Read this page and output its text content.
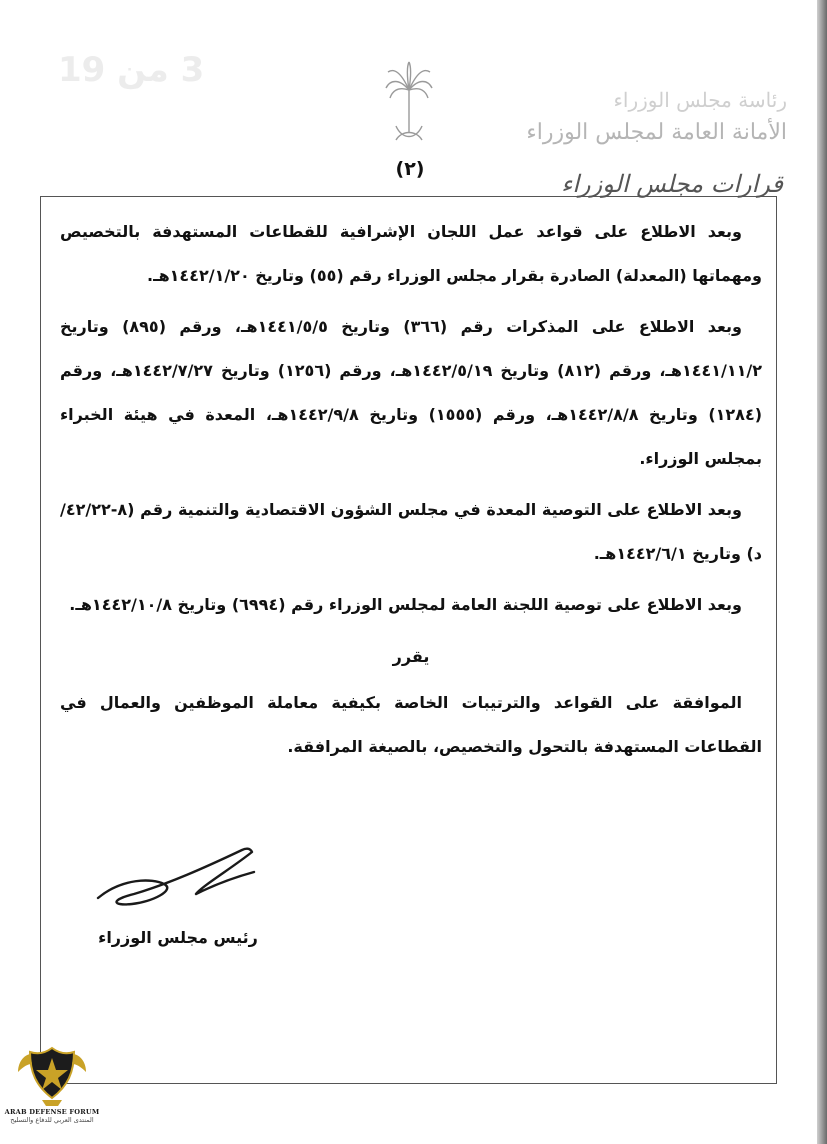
3 من 19
رئاسة مجلس الوزراء
الأمانة العامة لمجلس الوزراء
قرارات مجلس الوزراء
(٢)

وبعد الاطلاع على قواعد عمل اللجان الإشرافية للقطاعات المستهدفة بالتخصيص ومهماتها (المعدلة) الصادرة بقرار مجلس الوزراء رقم (٥٥) وتاريخ ١٤٤٢/١/٢٠هـ.

وبعد الاطلاع على المذكرات رقم (٣٦٦) وتاريخ ١٤٤١/٥/٥هـ، ورقم (٨٩٥) وتاريخ ١٤٤١/١١/٢هـ، ورقم (٨١٢) وتاريخ ١٤٤٢/٥/١٩هـ، ورقم (١٢٥٦) وتاريخ ١٤٤٢/٧/٢٧هـ، ورقم (١٢٨٤) وتاريخ ١٤٤٢/٨/٨هـ، ورقم (١٥٥٥) وتاريخ ١٤٤٢/٩/٨هـ، المعدة في هيئة الخبراء بمجلس الوزراء.

وبعد الاطلاع على التوصية المعدة في مجلس الشؤون الاقتصادية والتنمية رقم (٨-٤٢/٢٢/د) وتاريخ ١٤٤٢/٦/١هـ.

وبعد الاطلاع على توصية اللجنة العامة لمجلس الوزراء رقم (٦٩٩٤) وتاريخ ١٤٤٢/١٠/٨هـ.

يقرر

الموافقة على القواعد والترتيبات الخاصة بكيفية معاملة الموظفين والعمال في القطاعات المستهدفة بالتحول والتخصيص، بالصيغة المرافقة.

رئيس مجلس الوزراء
ARAB DEFENSE FORUM
المنتدى العربي للدفاع والتسليح
